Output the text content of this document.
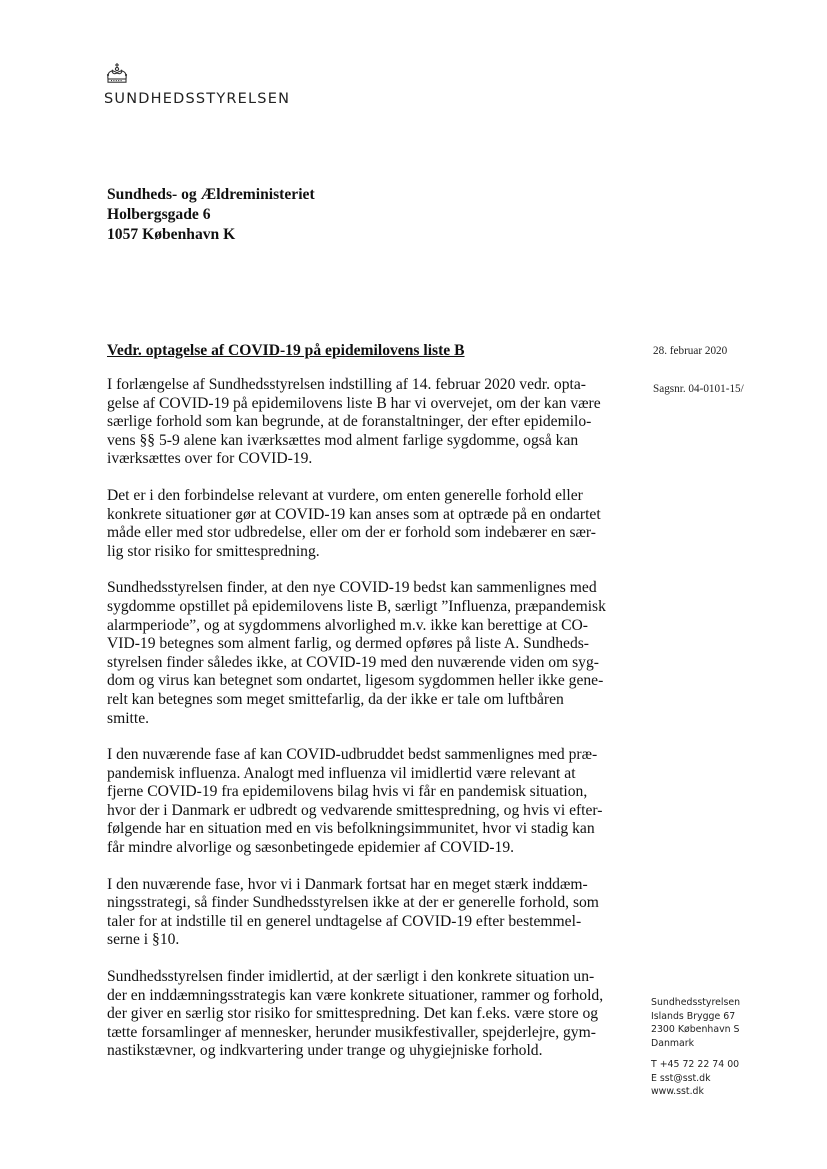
SUNDHEDSSTYRELSEN
Sundheds- og Ældreministeriet
Holbergsgade 6
1057 København K
Vedr. optagelse af COVID-19 på epidemilovens liste B	28. februar 2020
Sagsnr. 04-0101-15/
I forlængelse af Sundhedsstyrelsen indstilling af 14. februar 2020 vedr. opta-
gelse af COVID-19 på epidemilovens liste B har vi overvejet, om der kan være
særlige forhold som kan begrunde, at de foranstaltninger, der efter epidemilo-
vens §§ 5-9 alene kan iværksættes mod alment farlige sygdomme, også kan
iværksættes over for COVID-19.
Det er i den forbindelse relevant at vurdere, om enten generelle forhold eller
konkrete situationer gør at COVID-19 kan anses som at optræde på en ondartet
måde eller med stor udbredelse, eller om der er forhold som indebærer en sær-
lig stor risiko for smittespredning.
Sundhedsstyrelsen finder, at den nye COVID-19 bedst kan sammenlignes med
sygdomme opstillet på epidemilovens liste B, særligt ”Influenza, præpandemisk
alarmperiode”, og at sygdommens alvorlighed m.v. ikke kan berettige at CO-
VID-19 betegnes som alment farlig, og dermed opføres på liste A. Sundheds-
styrelsen finder således ikke, at COVID-19 med den nuværende viden om syg-
dom og virus kan betegnet som ondartet, ligesom sygdommen heller ikke gene-
relt kan betegnes som meget smittefarlig, da der ikke er tale om luftbåren
smitte.
I den nuværende fase af kan COVID-udbruddet bedst sammenlignes med præ-
pandemisk influenza. Analogt med influenza vil imidlertid være relevant at
fjerne COVID-19 fra epidemilovens bilag hvis vi får en pandemisk situation,
hvor der i Danmark er udbredt og vedvarende smittespredning, og hvis vi efter-
følgende har en situation med en vis befolkningsimmunitet, hvor vi stadig kan
får mindre alvorlige og sæsonbetingede epidemier af COVID-19.
I den nuværende fase, hvor vi i Danmark fortsat har en meget stærk inddæm-
ningsstrategi, så finder Sundhedsstyrelsen ikke at der er generelle forhold, som
taler for at indstille til en generel undtagelse af COVID-19 efter bestemmel-
serne i §10.
Sundhedsstyrelsen finder imidlertid, at der særligt i den konkrete situation un-
der en inddæmningsstrategis kan være konkrete situationer, rammer og forhold,
der giver en særlig stor risiko for smittespredning. Det kan f.eks. være store og
tætte forsamlinger af mennesker, herunder musikfestivaller, spejderlejre, gym-
nastikstævner, og indkvartering under trange og uhygiejniske forhold.
Sundhedsstyrelsen
Islands Brygge 67
2300 København S
Danmark
T +45 72 22 74 00
E sst@sst.dk
www.sst.dk
